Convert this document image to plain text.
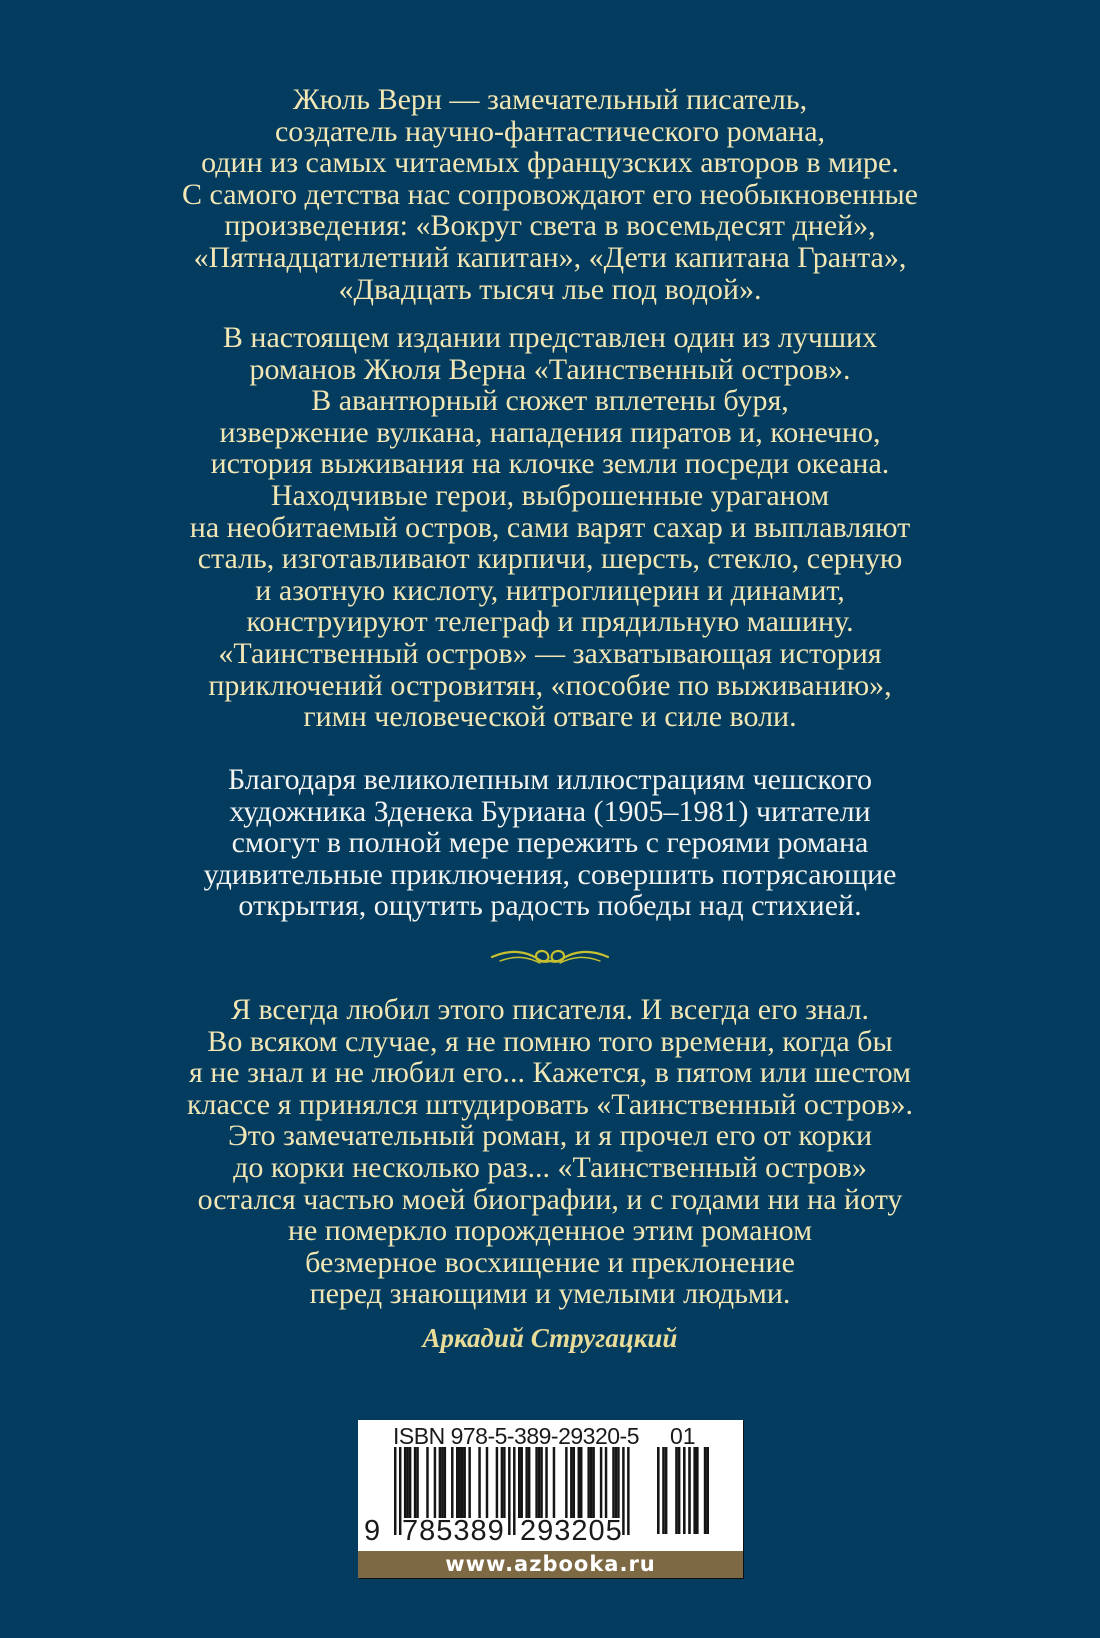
Жюль Верн — замечательный писатель,
создатель научно-фантастического романа,
один из самых читаемых французских авторов в мире.
С самого детства нас сопровождают его необыкновенные
произведения: «Вокруг света в восемьдесят дней»,
«Пятнадцатилетний капитан», «Дети капитана Гранта»,
«Двадцать тысяч лье под водой».
В настоящем издании представлен один из лучших
романов Жюля Верна «Таинственный остров».
В авантюрный сюжет вплетены буря,
извержение вулкана, нападения пиратов и, конечно,
история выживания на клочке земли посреди океана.
Находчивые герои, выброшенные ураганом
на необитаемый остров, сами варят сахар и выплавляют
сталь, изготавливают кирпичи, шерсть, стекло, серную
и азотную кислоту, нитроглицерин и динамит,
конструируют телеграф и прядильную машину.
«Таинственный остров» — захватывающая история
приключений островитян, «пособие по выживанию»,
гимн человеческой отваге и силе воли.
Благодаря великолепным иллюстрациям чешского
художника Зденека Буриана (1905–1981) читатели
смогут в полной мере пережить с героями романа
удивительные приключения, совершить потрясающие
открытия, ощутить радость победы над стихией.
Я всегда любил этого писателя. И всегда его знал.
Во всяком случае, я не помню того времени, когда бы
я не знал и не любил его... Кажется, в пятом или шестом
классе я принялся штудировать «Таинственный остров».
Это замечательный роман, и я прочел его от корки
до корки несколько раз... «Таинственный остров»
остался частью моей биографии, и с годами ни на йоту
не померкло порожденное этим романом
безмерное восхищение и преклонение
перед знающими и умелыми людьми.
Аркадий Стругацкий
ISBN 978-5-389-29320-5 01
9 785389 293205
www.azbooka.ru
